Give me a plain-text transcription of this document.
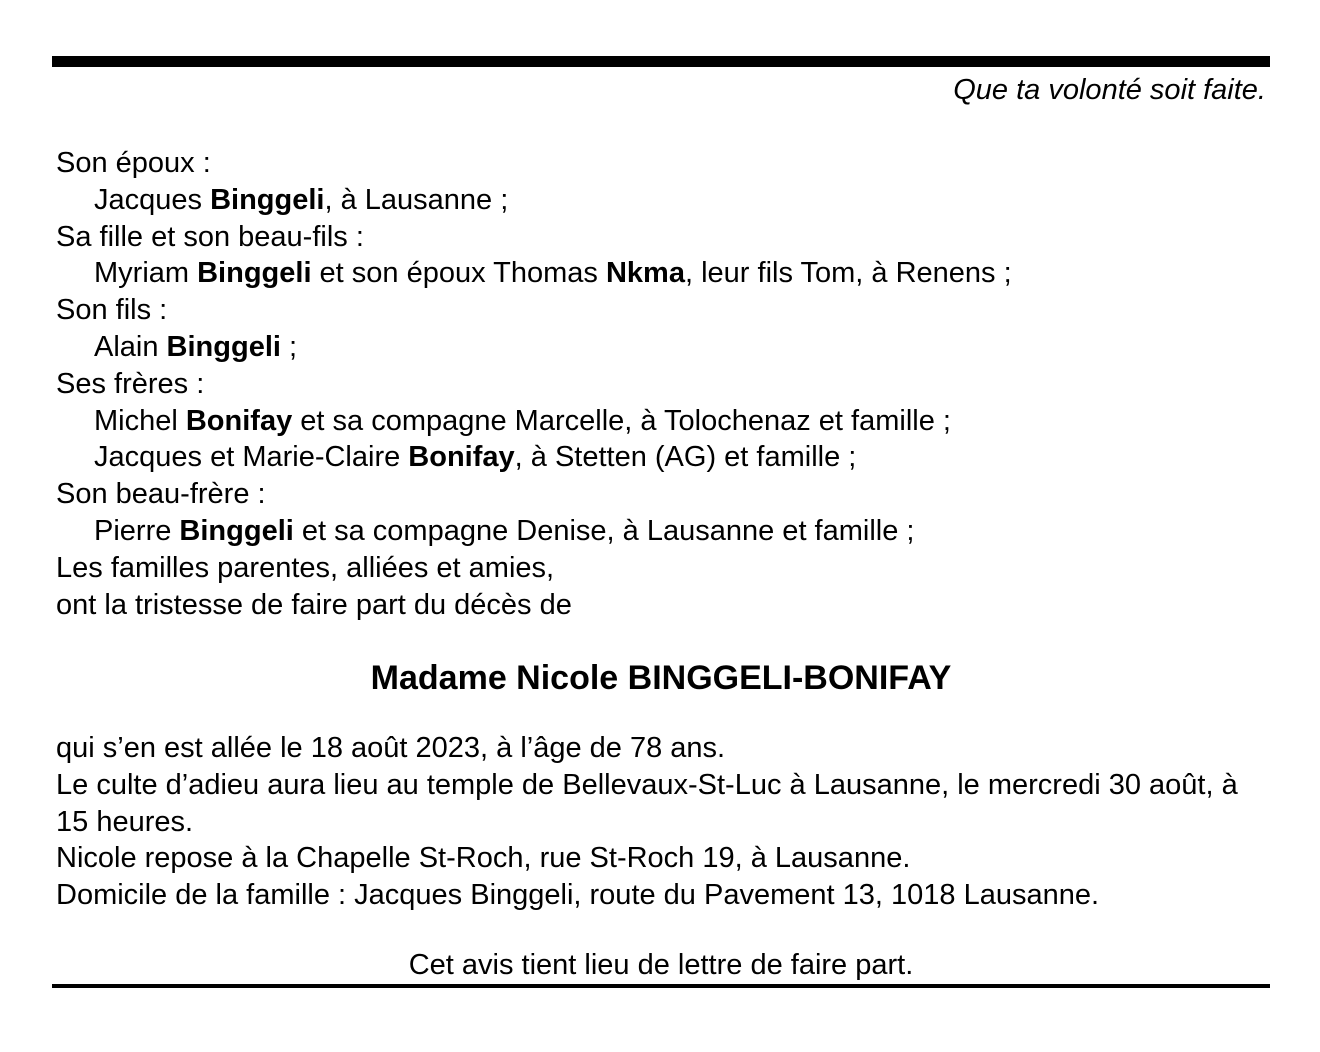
Que ta volonté soit faite.
Son époux :
Jacques Binggeli, à Lausanne ;
Sa fille et son beau-fils :
Myriam Binggeli et son époux Thomas Nkma, leur fils Tom, à Renens ;
Son fils :
Alain Binggeli ;
Ses frères :
Michel Bonifay et sa compagne Marcelle, à Tolochenaz et famille ;
Jacques et Marie-Claire Bonifay, à Stetten (AG) et famille ;
Son beau-frère :
Pierre Binggeli et sa compagne Denise, à Lausanne et famille ;
Les familles parentes, alliées et amies,
ont la tristesse de faire part du décès de
Madame Nicole BINGGELI-BONIFAY

qui s’en est allée le 18 août 2023, à l’âge de 78 ans.

Le culte d’adieu aura lieu au temple de Bellevaux-St-Luc à Lausanne, le mercredi 30 août, à 15 heures.

Nicole repose à la Chapelle St-Roch, rue St-Roch 19, à Lausanne.

Domicile de la famille : Jacques Binggeli, route du Pavement 13, 1018 Lausanne.

Cet avis tient lieu de lettre de faire part.
